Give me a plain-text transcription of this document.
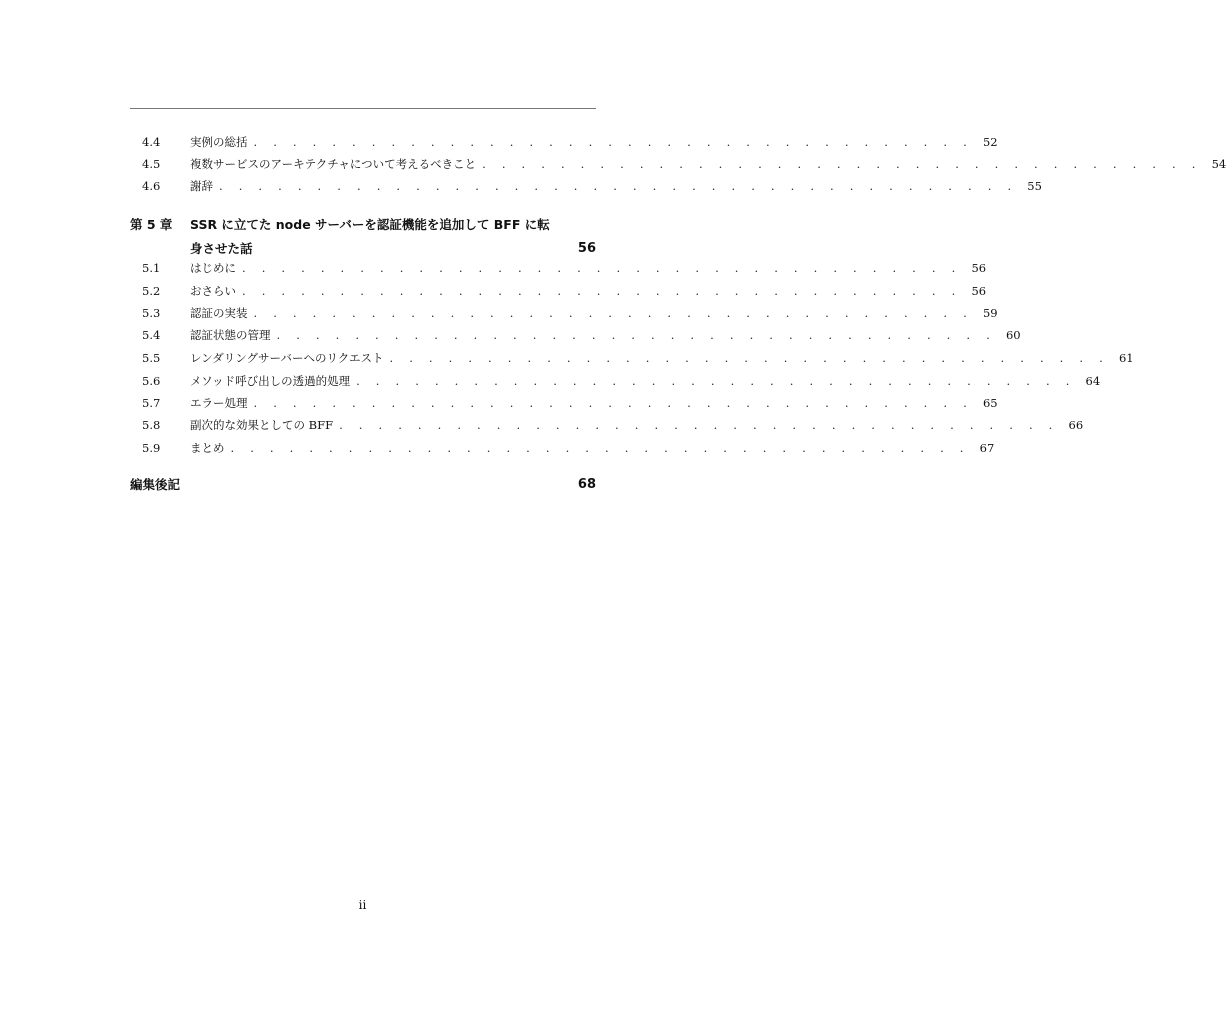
4.4	実例の総括 . . . . . . . . . . . . . . . . . . . . . . . . . . . . . . . . . . . . . 52
4.5	複数サービスのアーキテクチャについて考えるべきこと . . . . . . . . . . . . . . . . . . . . . . . . . . . . . . . . . . . . . 54
4.6	謝辞 . . . . . . . . . . . . . . . . . . . . . . . . . . . . . . . . . . . . . . . . . 55
第 5 章 SSR に立てた node サーバーを認証機能を追加して BFF に転
身させた話	56
5.1	はじめに . . . . . . . . . . . . . . . . . . . . . . . . . . . . . . . . . . . . . 56
5.2	おさらい . . . . . . . . . . . . . . . . . . . . . . . . . . . . . . . . . . . . . 56
5.3	認証の実装 . . . . . . . . . . . . . . . . . . . . . . . . . . . . . . . . . . . . . 59
5.4	認証状態の管理 . . . . . . . . . . . . . . . . . . . . . . . . . . . . . . . . . . . . . 60
5.5	レンダリングサーバーへのリクエスト . . . . . . . . . . . . . . . . . . . . . . . . . . . . . . . . . . . . . 61
5.6	メソッド呼び出しの透過的処理 . . . . . . . . . . . . . . . . . . . . . . . . . . . . . . . . . . . . . 64
5.7	エラー処理 . . . . . . . . . . . . . . . . . . . . . . . . . . . . . . . . . . . . . 65
5.8	副次的な効果としての BFF . . . . . . . . . . . . . . . . . . . . . . . . . . . . . . . . . . . . . 66
5.9	まとめ . . . . . . . . . . . . . . . . . . . . . . . . . . . . . . . . . . . . . . 67
編集後記	68
ii
